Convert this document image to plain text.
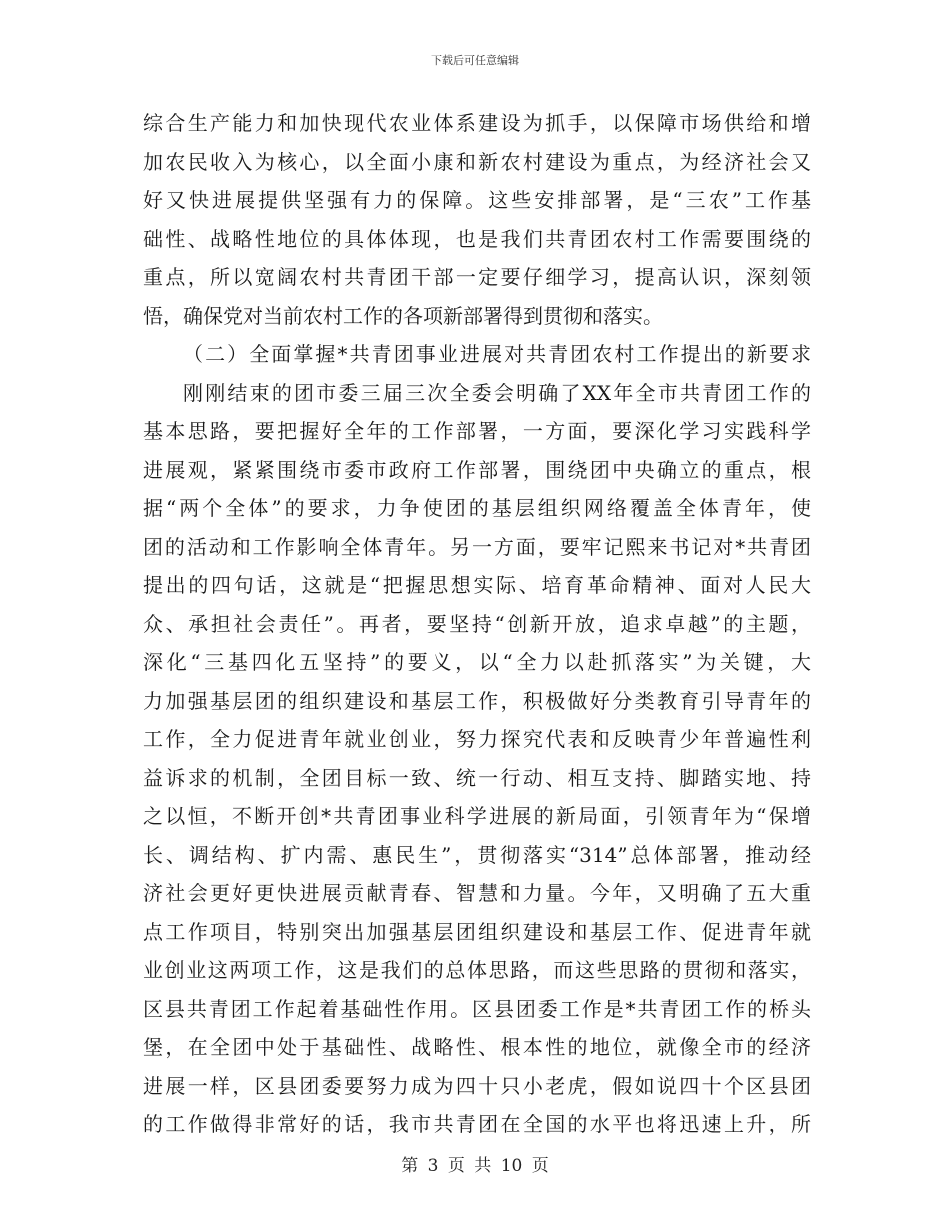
下载后可任意编辑
综合生产能力和加快现代农业体系建设为抓手，以保障市场供给和增
加农民收入为核心，以全面小康和新农村建设为重点，为经济社会又
好又快进展提供坚强有力的保障。这些安排部署，是“三农”工作基
础性、战略性地位的具体体现，也是我们共青团农村工作需要围绕的
重点，所以宽阔农村共青团干部一定要仔细学习，提高认识，深刻领
悟，确保党对当前农村工作的各项新部署得到贯彻和落实。
（二）全面掌握*共青团事业进展对共青团农村工作提出的新要求
刚刚结束的团市委三届三次全委会明确了XX年全市共青团工作的
基本思路，要把握好全年的工作部署，一方面，要深化学习实践科学
进展观，紧紧围绕市委市政府工作部署，围绕团中央确立的重点，根
据“两个全体”的要求，力争使团的基层组织网络覆盖全体青年，使
团的活动和工作影响全体青年。另一方面，要牢记熙来书记对*共青团
提出的四句话，这就是“把握思想实际、培育革命精神、面对人民大
众、承担社会责任”。再者，要坚持“创新开放，追求卓越”的主题，
深化“三基四化五坚持”的要义，以“全力以赴抓落实”为关键，大
力加强基层团的组织建设和基层工作，积极做好分类教育引导青年的
工作，全力促进青年就业创业，努力探究代表和反映青少年普遍性利
益诉求的机制，全团目标一致、统一行动、相互支持、脚踏实地、持
之以恒，不断开创*共青团事业科学进展的新局面，引领青年为“保增
长、调结构、扩内需、惠民生”，贯彻落实“314”总体部署，推动经
济社会更好更快进展贡献青春、智慧和力量。今年，又明确了五大重
点工作项目，特别突出加强基层团组织建设和基层工作、促进青年就
业创业这两项工作，这是我们的总体思路，而这些思路的贯彻和落实，
区县共青团工作起着基础性作用。区县团委工作是*共青团工作的桥头
堡，在全团中处于基础性、战略性、根本性的地位，就像全市的经济
进展一样，区县团委要努力成为四十只小老虎，假如说四十个区县团
的工作做得非常好的话，我市共青团在全国的水平也将迅速上升，所
第 3 页 共 10 页
